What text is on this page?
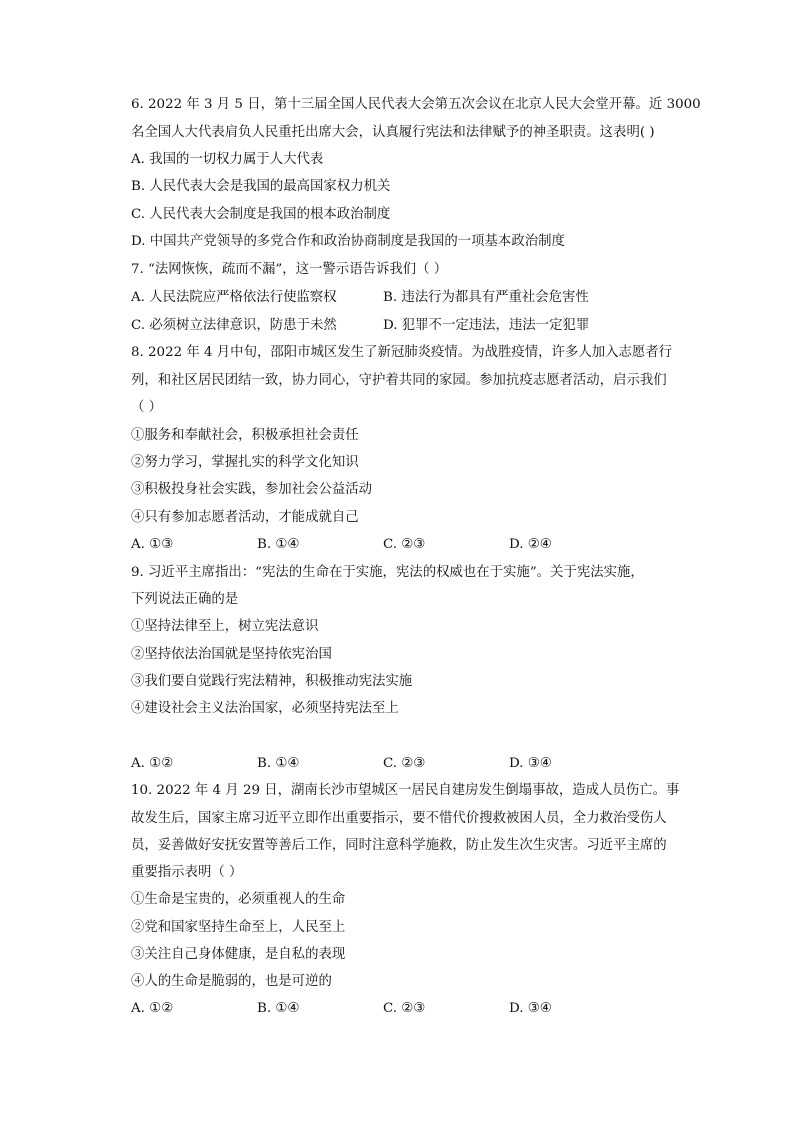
6. 2022 年 3 月 5 日，第十三届全国人民代表大会第五次会议在北京人民大会堂开幕。近 3000
名全国人大代表肩负人民重托出席大会，认真履行宪法和法律赋予的神圣职责。这表明( )
A. 我国的一切权力属于人大代表
B. 人民代表大会是我国的最高国家权力机关
C. 人民代表大会制度是我国的根本政治制度
D. 中国共产党领导的多党合作和政治协商制度是我国的一项基本政治制度
7. “法网恢恢，疏而不漏”，这一警示语告诉我们（ ）
A. 人民法院应严格依法行使监察权	B. 违法行为都具有严重社会危害性
C. 必须树立法律意识，防患于未然	D. 犯罪不一定违法，违法一定犯罪
8. 2022 年 4 月中旬，邵阳市城区发生了新冠肺炎疫情。为战胜疫情，许多人加入志愿者行
列，和社区居民团结一致，协力同心，守护着共同的家园。参加抗疫志愿者活动，启示我们
（ ）
①服务和奉献社会，积极承担社会责任
②努力学习，掌握扎实的科学文化知识
③积极投身社会实践，参加社会公益活动
④只有参加志愿者活动，才能成就自己
A. ①③	B. ①④	C. ②③	D. ②④
9. 习近平主席指出：“宪法的生命在于实施，宪法的权威也在于实施”。关于宪法实施，
下列说法正确的是
①坚持法律至上，树立宪法意识
②坚持依法治国就是坚持依宪治国
③我们要自觉践行宪法精神，积极推动宪法实施
④建设社会主义法治国家，必须坚持宪法至上
A. ①②	B. ①④	C. ②③	D. ③④
10. 2022 年 4 月 29 日，湖南长沙市望城区一居民自建房发生倒塌事故，造成人员伤亡。事
故发生后，国家主席习近平立即作出重要指示，要不惜代价搜救被困人员，全力救治受伤人
员，妥善做好安抚安置等善后工作，同时注意科学施救，防止发生次生灾害。习近平主席的
重要指示表明（ ）
①生命是宝贵的，必须重视人的生命
②党和国家坚持生命至上，人民至上
③关注自己身体健康，是自私的表现
④人的生命是脆弱的，也是可逆的
A. ①②	B. ①④	C. ②③	D. ③④
